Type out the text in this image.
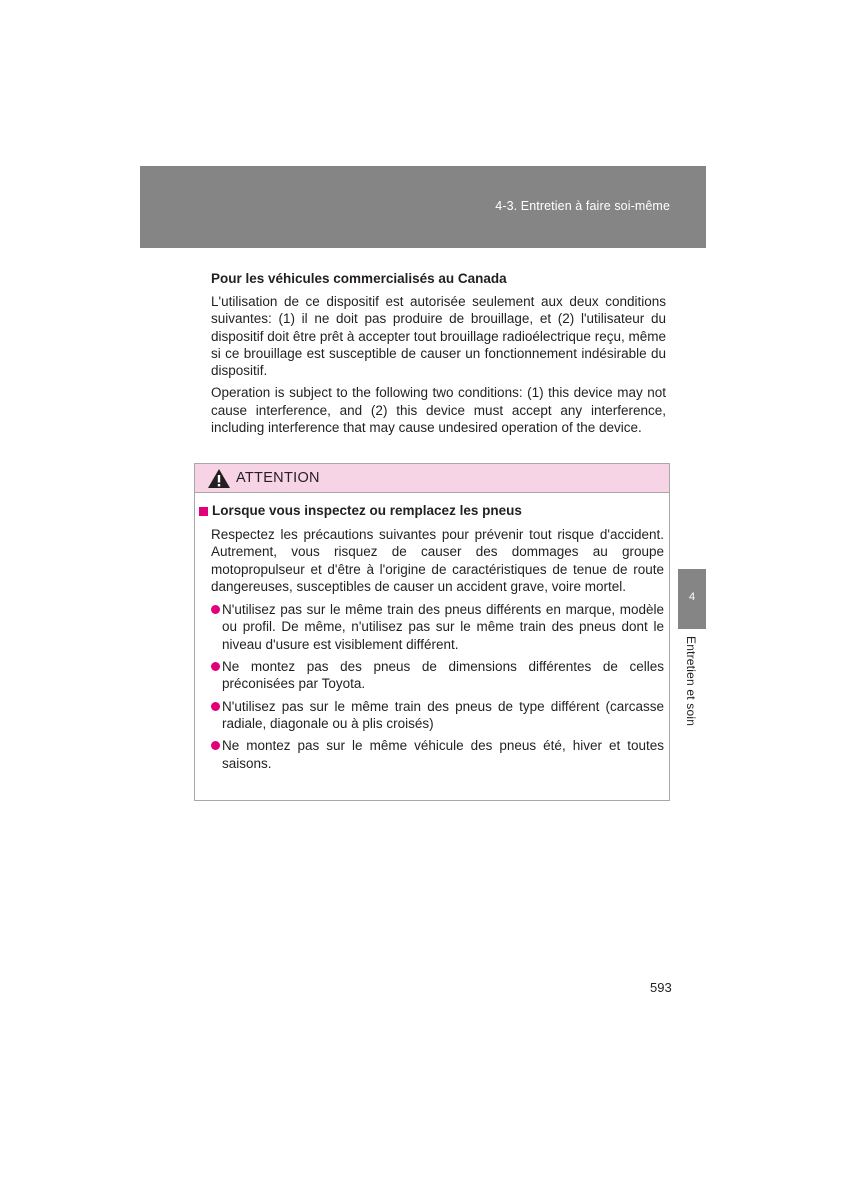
4-3. Entretien à faire soi-même

Pour les véhicules commercialisés au Canada

L'utilisation de ce dispositif est autorisée seulement aux deux conditions suivantes: (1) il ne doit pas produire de brouillage, et (2) l'utilisateur du dispositif doit être prêt à accepter tout brouillage radioélectrique reçu, même si ce brouillage est susceptible de causer un fonctionnement indésirable du dispositif.

Operation is subject to the following two conditions: (1) this device may not cause interference, and (2) this device must accept any interference, including interference that may cause undesired operation of the device.

ATTENTION
Lorsque vous inspectez ou remplacez les pneus
Respectez les précautions suivantes pour prévenir tout risque d'accident. Autrement, vous risquez de causer des dommages au groupe motopropulseur et d'être à l'origine de caractéristiques de tenue de route dangereuses, susceptibles de causer un accident grave, voire mortel.
N'utilisez pas sur le même train des pneus différents en marque, modèle ou profil. De même, n'utilisez pas sur le même train des pneus dont le niveau d'usure est visiblement différent.
Ne montez pas des pneus de dimensions différentes de celles préconisées par Toyota.
N'utilisez pas sur le même train des pneus de type différent (carcasse radiale, diagonale ou à plis croisés)
Ne montez pas sur le même véhicule des pneus été, hiver et toutes saisons.
4
Entretien et soin
593
